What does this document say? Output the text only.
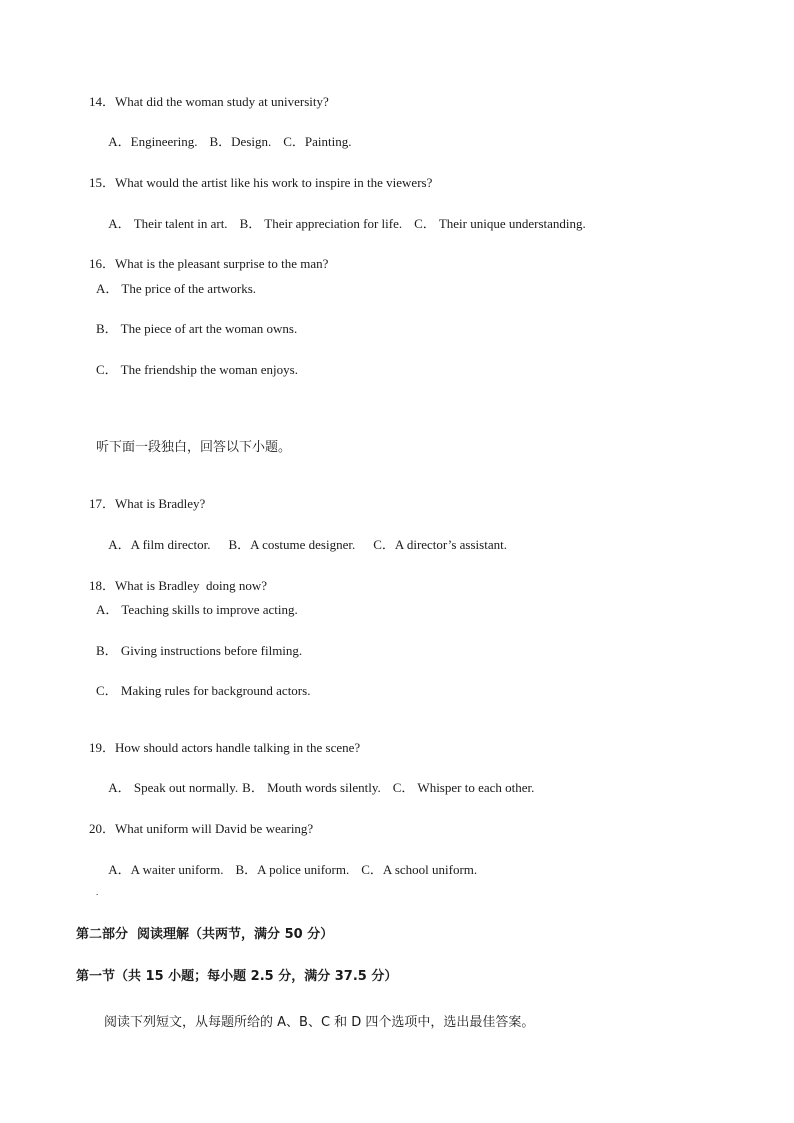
14．What did the woman study at university?

A．Engineering. B．Design. C．Painting.

15．What would the artist like his work to inspire in the viewers?

A． Their talent in art. B． Their appreciation for life. C． Their unique understanding.

16．What is the pleasant surprise to the man?

A． The price of the artworks.
B． The piece of art the woman owns.
C． The friendship the woman enjoys.
听下面一段独白，回答以下小题。

17．What is Bradley?

A．A film director. B．A costume designer. C．A director’s assistant.

18．What is Bradley  doing now?

A． Teaching skills to improve acting.
B． Giving instructions before filming.
C． Making rules for background actors.

19．How should actors handle talking in the scene?

A． Speak out normally. B． Mouth words silently. C． Whisper to each other.

20．What uniform will David be wearing?

A．A waiter uniform. B．A police uniform. C．A school uniform.

.
第二部分  阅读理解（共两节，满分 50 分）
第一节（共 15 小题；每小题 2.5 分，满分 37.5 分）
阅读下列短文，从每题所给的 A、B、C 和 D 四个选项中，选出最佳答案。
